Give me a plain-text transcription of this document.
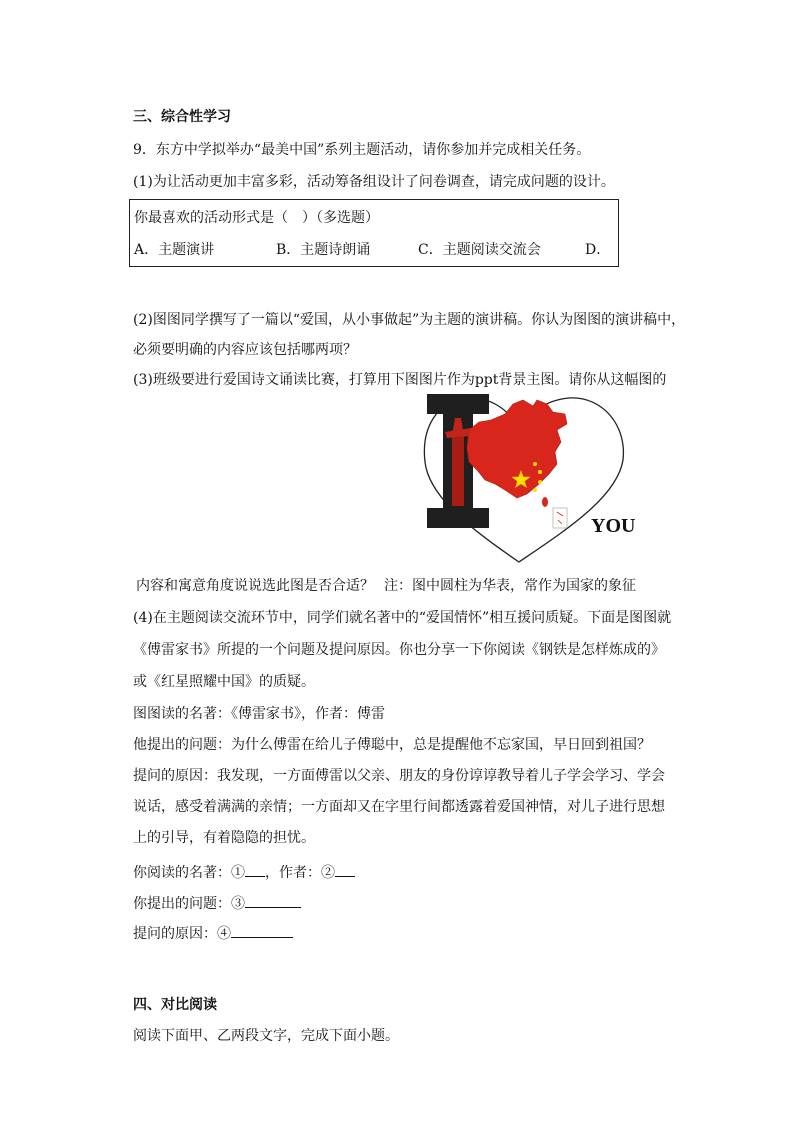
三、综合性学习
9．东方中学拟举办“最美中国”系列主题活动，请你参加并完成相关任务。
(1)为让活动更加丰富多彩，活动筹备组设计了问卷调查，请完成问题的设计。
你最喜欢的活动形式是（　）（多选题）
A．主题演讲	B．主题诗朗诵	C．主题阅读交流会	D．
(2)图图同学撰写了一篇以“爱国，从小事做起”为主题的演讲稿。你认为图图的演讲稿中，
必须要明确的内容应该包括哪两项？
(3)班级要进行爱国诗文诵读比赛，打算用下图图片作为ppt背景主图。请你从这幅图的
YOU
内容和寓意角度说说选此图是否合适？ 注：图中圆柱为华表，常作为国家的象征
(4)在主题阅读交流环节中，同学们就名著中的“爱国情怀”相互援问质疑。下面是图图就
《傅雷家书》所提的一个问题及提问原因。你也分享一下你阅读《钢铁是怎样炼成的》
或《红星照耀中国》的质疑。
图图读的名著：《傅雷家书》，作者：傅雷
他提出的问题：为什么傅雷在给儿子傅聪中，总是提醒他不忘家国，早日回到祖国？
提问的原因：我发现，一方面傅雷以父亲、朋友的身份谆谆教导着儿子学会学习、学会
说话，感受着满满的亲情；一方面却又在字里行间都透露着爱国神情，对儿子进行思想
上的引导，有着隐隐的担忧。
你阅读的名著：① ，作者：②
你提出的问题：③
提问的原因：④
四、对比阅读
阅读下面甲、乙两段文字，完成下面小题。
